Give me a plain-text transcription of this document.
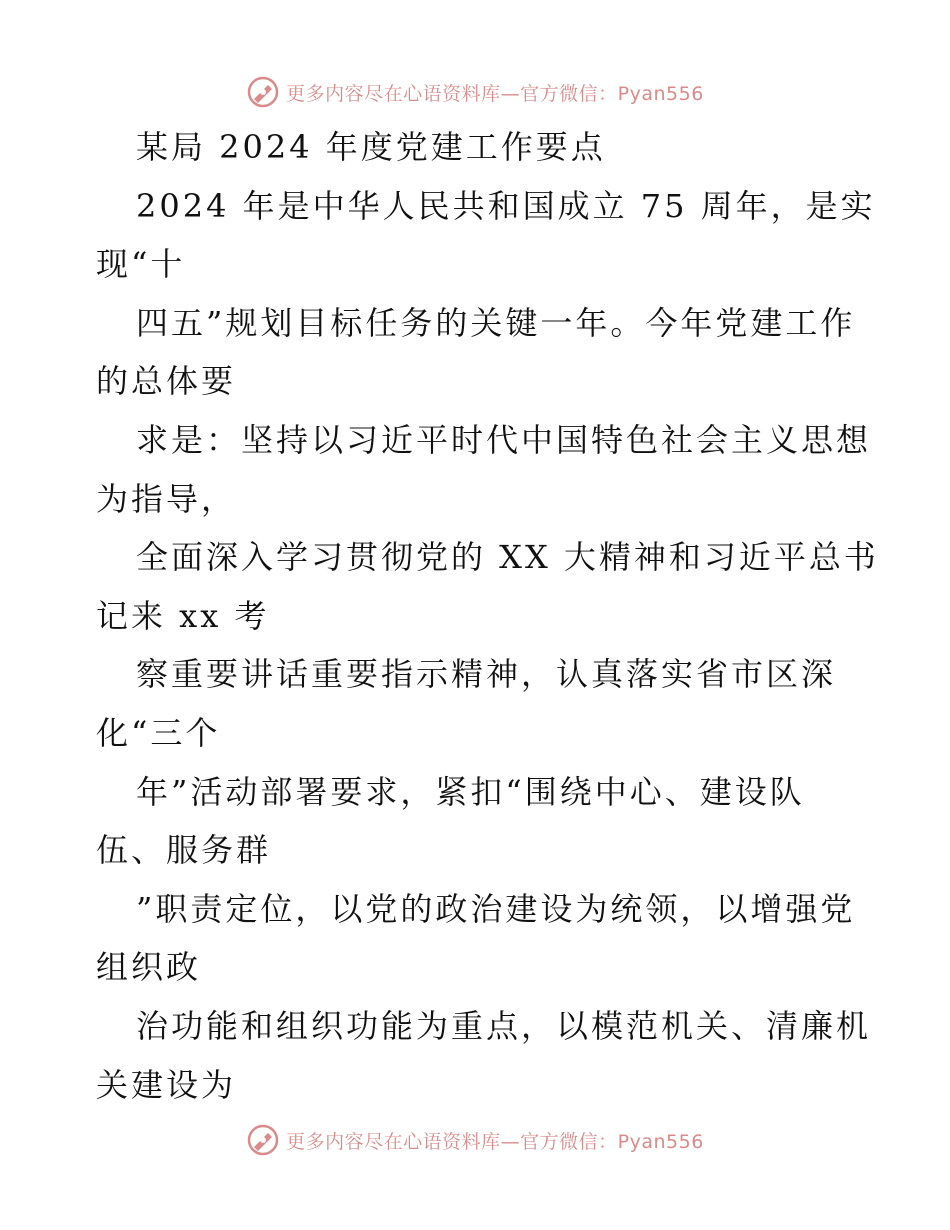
更多内容尽在心语资料库—官方微信：Pyan556
某局 2024 年度党建工作要点
2024 年是中华人民共和国成立 75 周年，是实
现“十
四五”规划目标任务的关键一年。今年党建工作
的总体要
求是：坚持以习近平时代中国特色社会主义思想
为指导，
全面深入学习贯彻党的 XX 大精神和习近平总书
记来 xx 考
察重要讲话重要指示精神，认真落实省市区深
化“三个
年”活动部署要求，紧扣“围绕中心、建设队
伍、服务群
”职责定位，以党的政治建设为统领，以增强党
组织政
治功能和组织功能为重点，以模范机关、清廉机
关建设为
更多内容尽在心语资料库—官方微信：Pyan556
